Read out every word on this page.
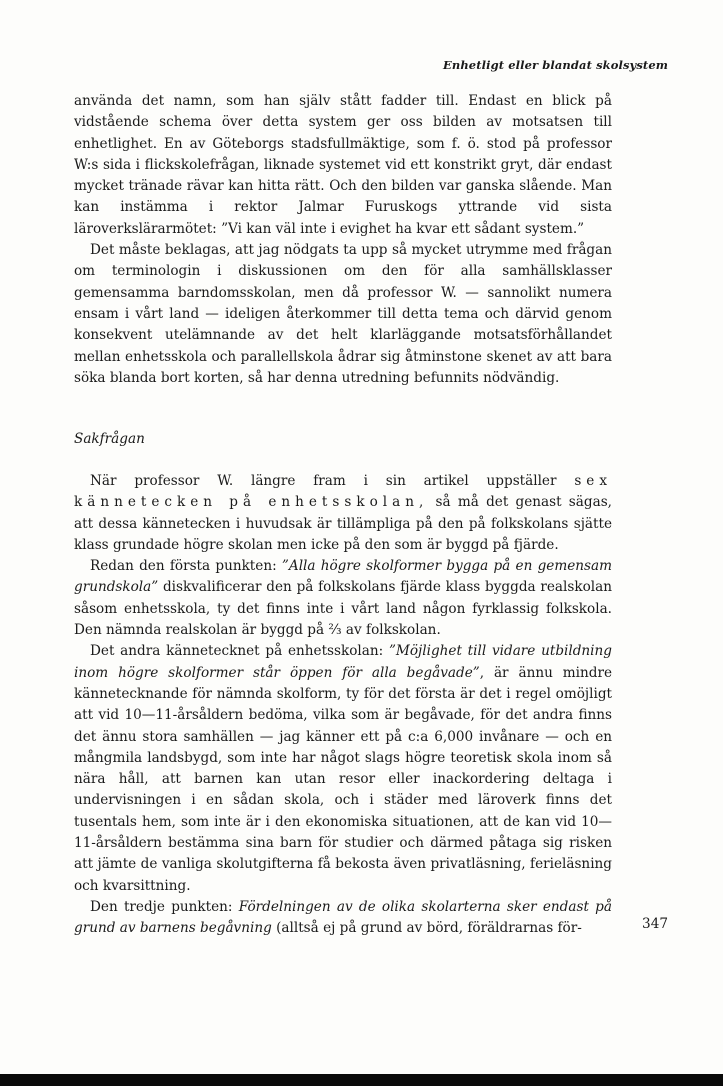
Enhetligt eller blandat skolsystem

använda det namn, som han själv stått fadder till. Endast en blick på vidstående schema över detta system ger oss bilden av motsatsen till enhetlighet. En av Göteborgs stadsfullmäktige, som f. ö. stod på professor W:s sida i flickskolefrågan, liknade systemet vid ett konstrikt gryt, där endast mycket tränade rävar kan hitta rätt. Och den bilden var ganska slående. Man kan instämma i rektor Jalmar Furuskogs yttrande vid sista läroverkslärarmötet: ”Vi kan väl inte i evighet ha kvar ett sådant system.”

Det måste beklagas, att jag nödgats ta upp så mycket utrymme med frågan om terminologin i diskussionen om den för alla samhällsklasser gemensamma barndomsskolan, men då professor W. — sannolikt numera ensam i vårt land — ideligen återkommer till detta tema och därvid genom konsekvent utelämnande av det helt klarläggande motsatsförhållandet mellan enhetsskola och parallellskola ådrar sig åtminstone skenet av att bara söka blanda bort korten, så har denna utredning befunnits nödvändig.

Sakfrågan

När professor W. längre fram i sin artikel uppställer sex kännetecken på enhetsskolan, så må det genast sägas, att dessa kännetecken i huvudsak är tillämpliga på den på folkskolans sjätte klass grundade högre skolan men icke på den som är byggd på fjärde.

Redan den första punkten: ”Alla högre skolformer bygga på en gemensam grundskola” diskvalificerar den på folkskolans fjärde klass byggda realskolan såsom enhetsskola, ty det finns inte i vårt land någon fyrklassig folkskola. Den nämnda realskolan är byggd på ⅔ av folkskolan.

Det andra kännetecknet på enhetsskolan: ”Möjlighet till vidare utbildning inom högre skolformer står öppen för alla begåvade”, är ännu mindre kännetecknande för nämnda skolform, ty för det första är det i regel omöjligt att vid 10—11-årsåldern bedöma, vilka som är begåvade, för det andra finns det ännu stora samhällen — jag känner ett på c:a 6,000 invånare — och en mångmila landsbygd, som inte har något slags högre teoretisk skola inom så nära håll, att barnen kan utan resor eller inackordering deltaga i undervisningen i en sådan skola, och i städer med läroverk finns det tusentals hem, som inte är i den ekonomiska situationen, att de kan vid 10—11-årsåldern bestämma sina barn för studier och därmed påtaga sig risken att jämte de vanliga skolutgifterna få bekosta även privatläsning, ferieläsning och kvarsittning.

Den tredje punkten: Fördelningen av de olika skolarterna sker endast på grund av barnens begåvning (alltså ej på grund av börd, föräldrarnas för-	347
